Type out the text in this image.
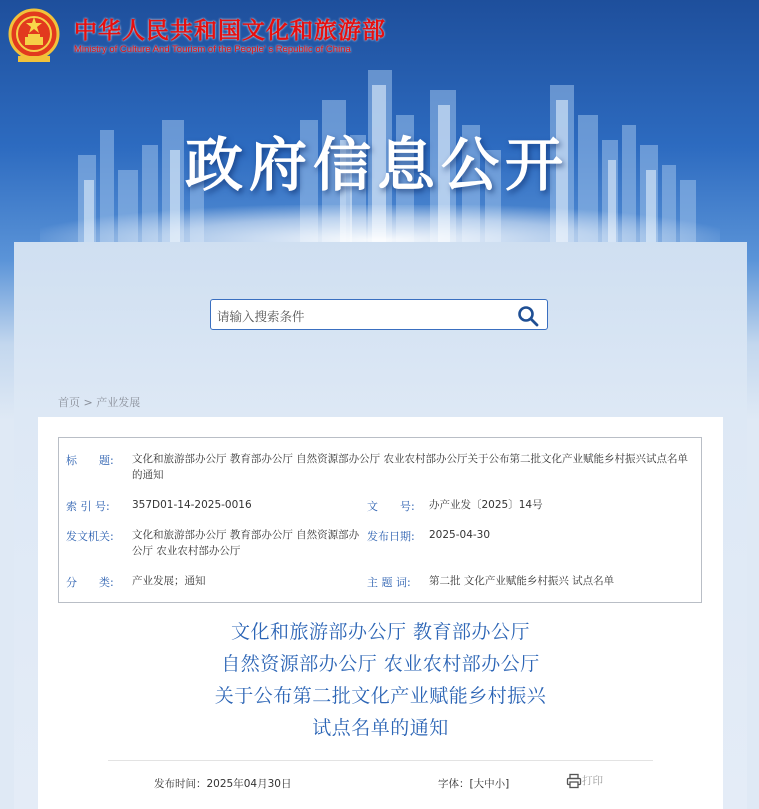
中华人民共和国文化和旅游部
Ministry of Culture And Tourism of the People' s Republic of China
政府信息公开
请输入搜索条件
首页 > 产业发展
标　　题: 文化和旅游部办公厅 教育部办公厅 自然资源部办公厅 农业农村部办公厅关于公布第二批文化产业赋能乡村振兴试点名单的通知
索 引 号: 357D01-14-2025-0016	文　　号: 办产业发〔2025〕14号
发文机关: 文化和旅游部办公厅 教育部办公厅 自然资源部办公厅 农业农村部办公厅
发布日期: 2025-04-30
分　　类: 产业发展；通知	主 题 词: 第二批 文化产业赋能乡村振兴 试点名单
文化和旅游部办公厅 教育部办公厅
自然资源部办公厅 农业农村部办公厅
关于公布第二批文化产业赋能乡村振兴
试点名单的通知
发布时间：2025年04月30日	字体：[大中小]	打印
